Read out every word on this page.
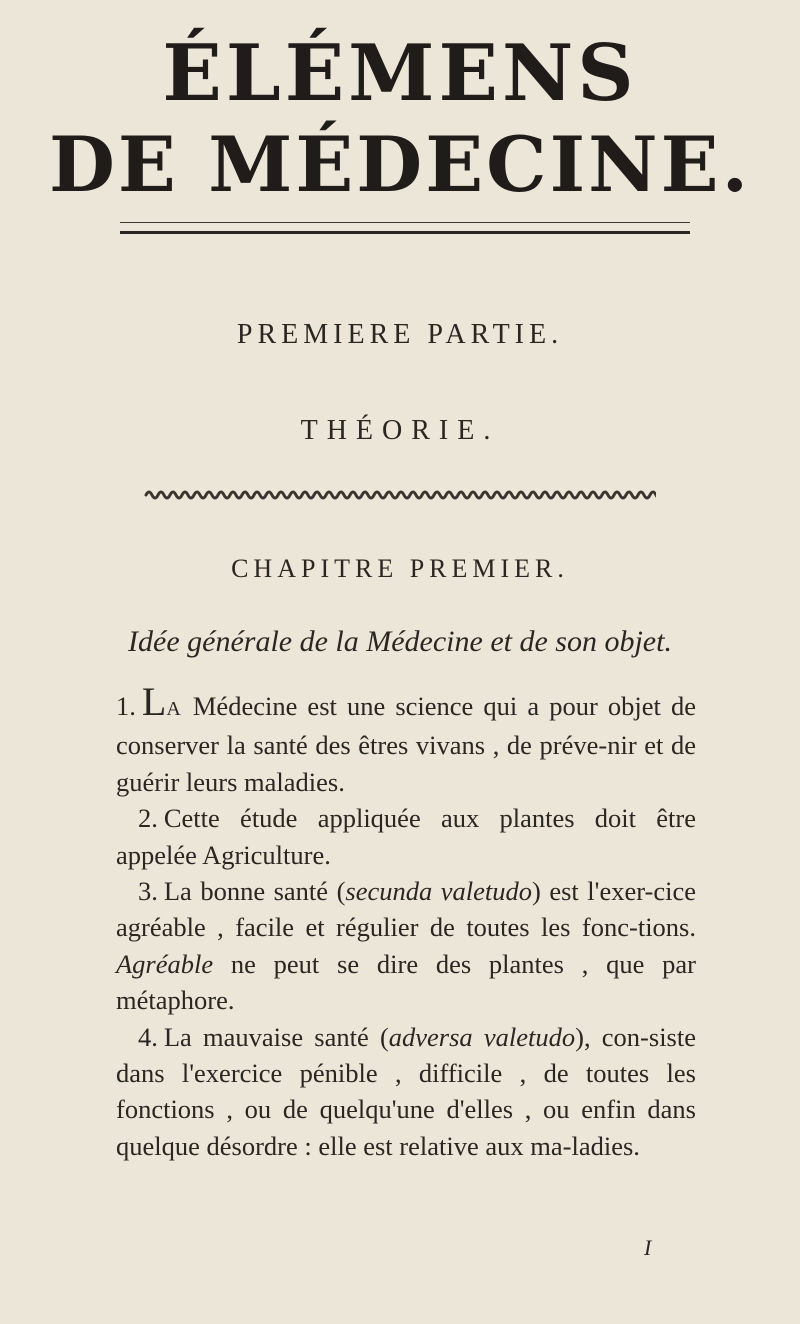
ÉLÉMENS
DE MÉDECINE.
PREMIERE PARTIE.
THÉORIE.
CHAPITRE PREMIER.
Idée générale de la Médecine et de son objet.

1. LA Médecine est une science qui a pour objet de conserver la santé des êtres vivans , de préve-nir et de guérir leurs maladies.

2. Cette étude appliquée aux plantes doit être appelée Agriculture.

3. La bonne santé (secunda valetudo) est l'exer-cice agréable , facile et régulier de toutes les fonc-tions. Agréable ne peut se dire des plantes , que par métaphore.

4. La mauvaise santé (adversa valetudo), con-siste dans l'exercice pénible , difficile , de toutes les fonctions , ou de quelqu'une d'elles , ou enfin dans quelque désordre : elle est relative aux ma-ladies.

I
